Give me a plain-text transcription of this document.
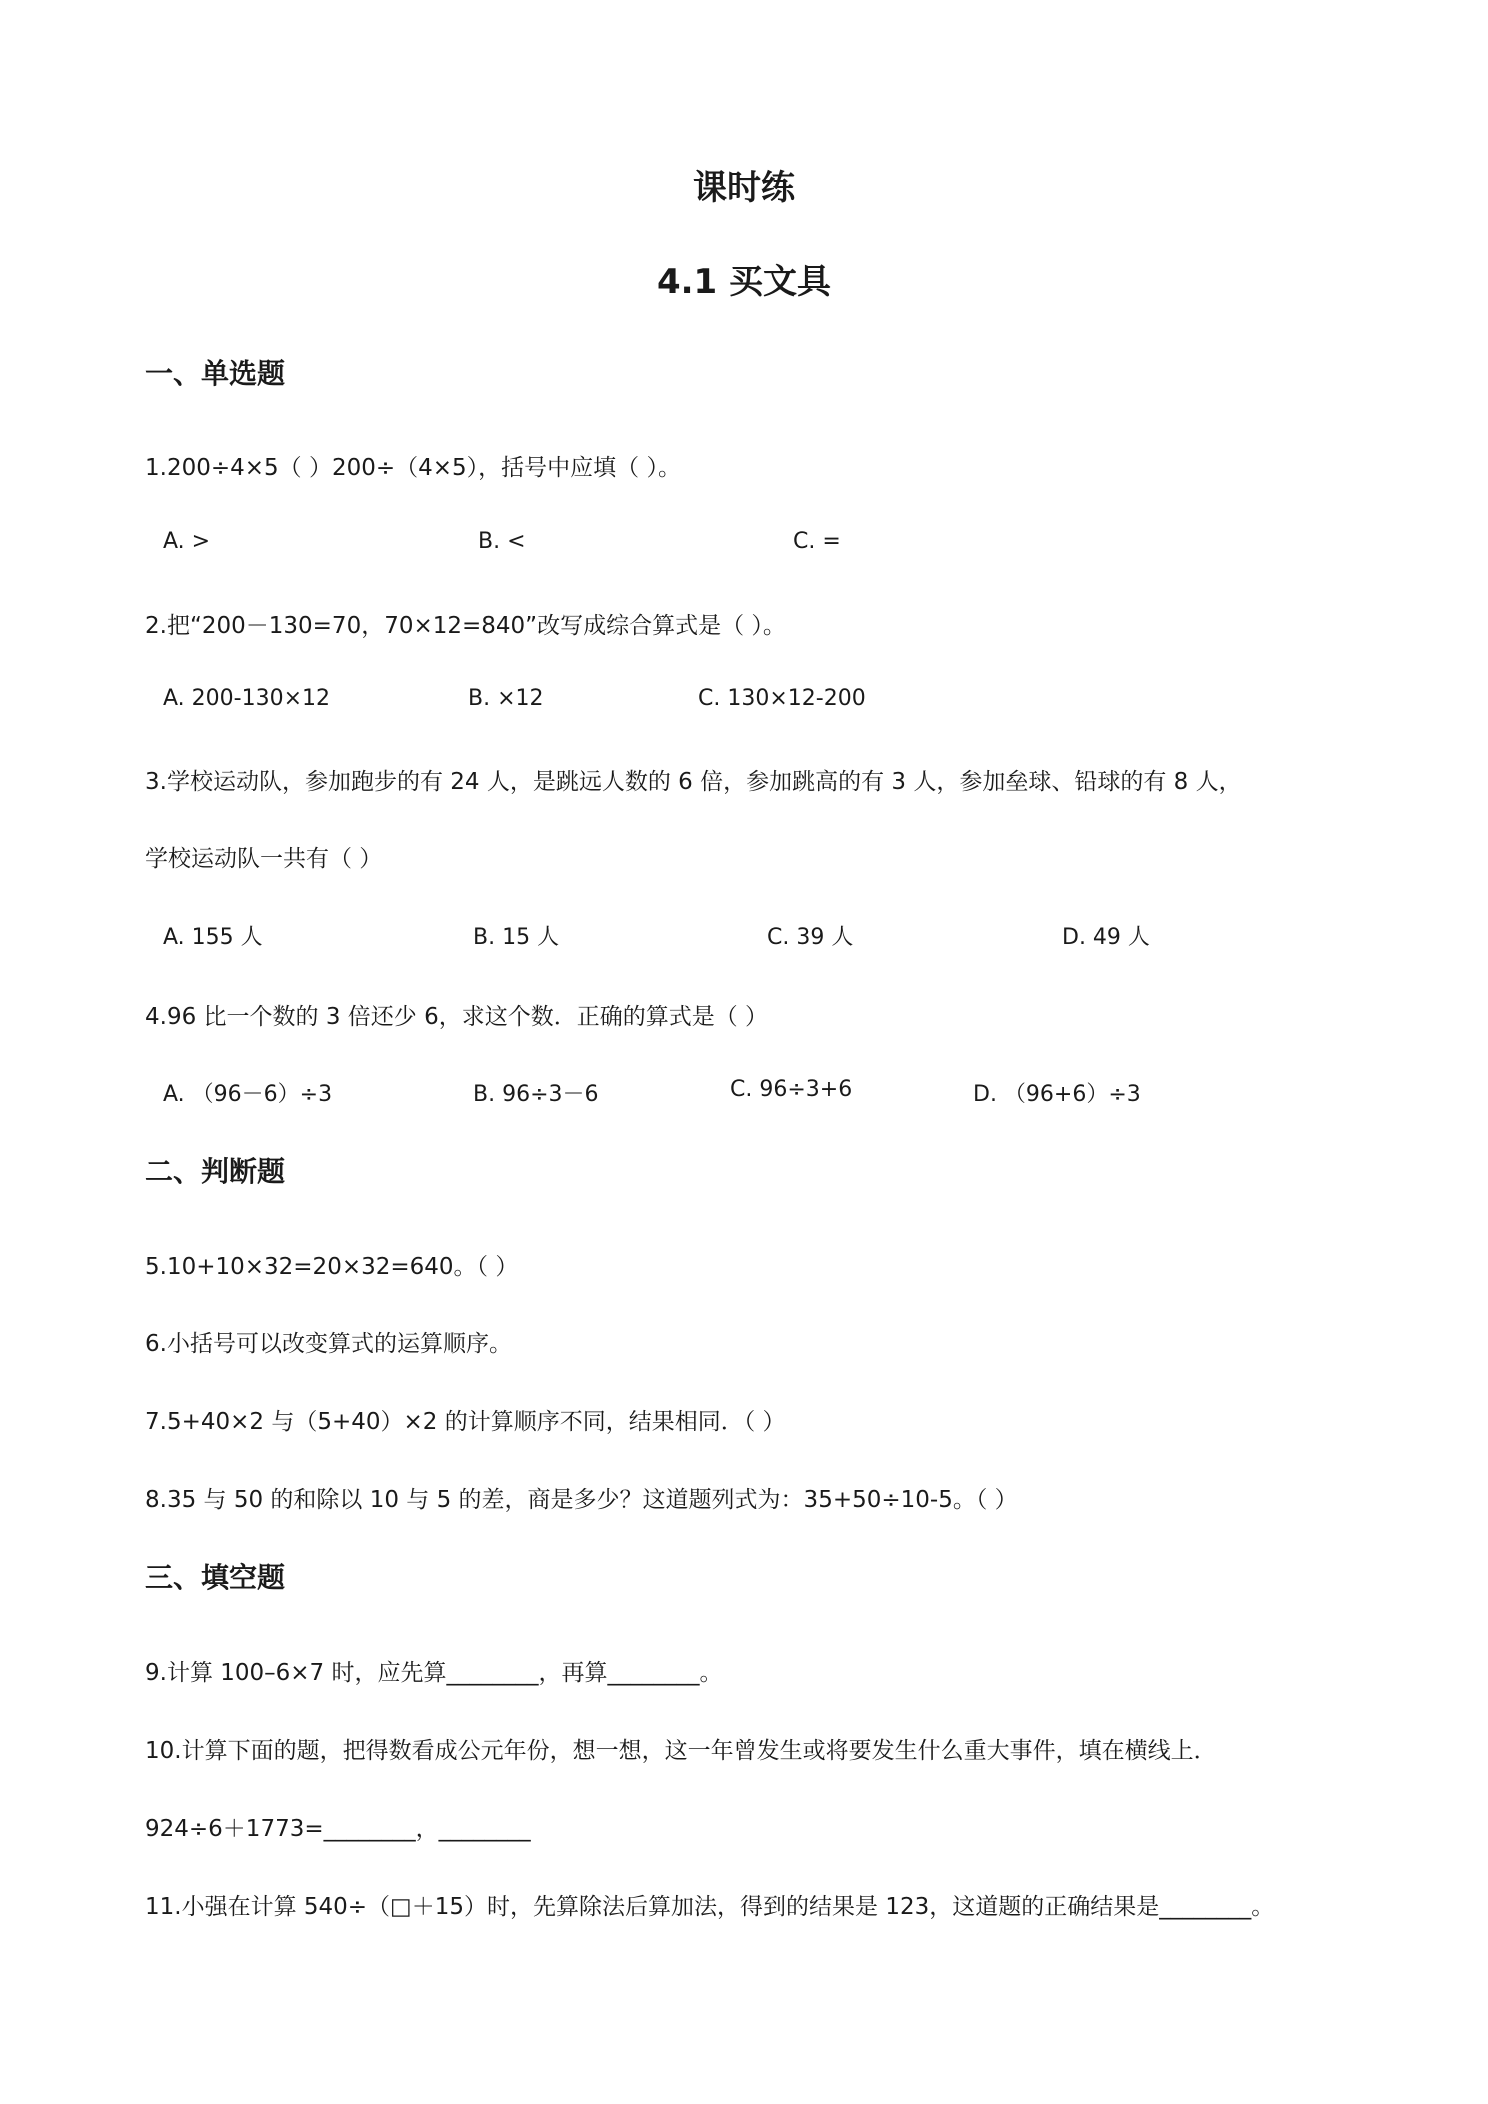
课时练
4.1 买文具
一、单选题
1.200÷4×5（ ）200÷（4×5），括号中应填（ ）。
A. >	B. <	C. =
2.把“200－130=70，70×12=840”改写成综合算式是（ ）。
A. 200-130×12	B. ×12	C. 130×12-200
3.学校运动队，参加跑步的有 24 人，是跳远人数的 6 倍，参加跳高的有 3 人，参加垒球、铅球的有 8 人，
学校运动队一共有（ ）
A. 155 人	B. 15 人	C. 39 人	D. 49 人
4.96 比一个数的 3 倍还少 6，求这个数．正确的算式是（ ）
A. （96－6）÷3	B. 96÷3－6	C. 96÷3+6	D. （96+6）÷3
二、判断题
5.10+10×32=20×32=640。（ ）
6.小括号可以改变算式的运算顺序。
7.5+40×2 与（5+40）×2 的计算顺序不同，结果相同．（ ）
8.35 与 50 的和除以 10 与 5 的差，商是多少？这道题列式为：35+50÷10-5。（ ）
三、填空题
9.计算 100–6×7 时，应先算________，再算________。
10.计算下面的题，把得数看成公元年份，想一想，这一年曾发生或将要发生什么重大事件，填在横线上．
924÷6＋1773=________，________
11.小强在计算 540÷（□＋15）时，先算除法后算加法，得到的结果是 123，这道题的正确结果是________。
